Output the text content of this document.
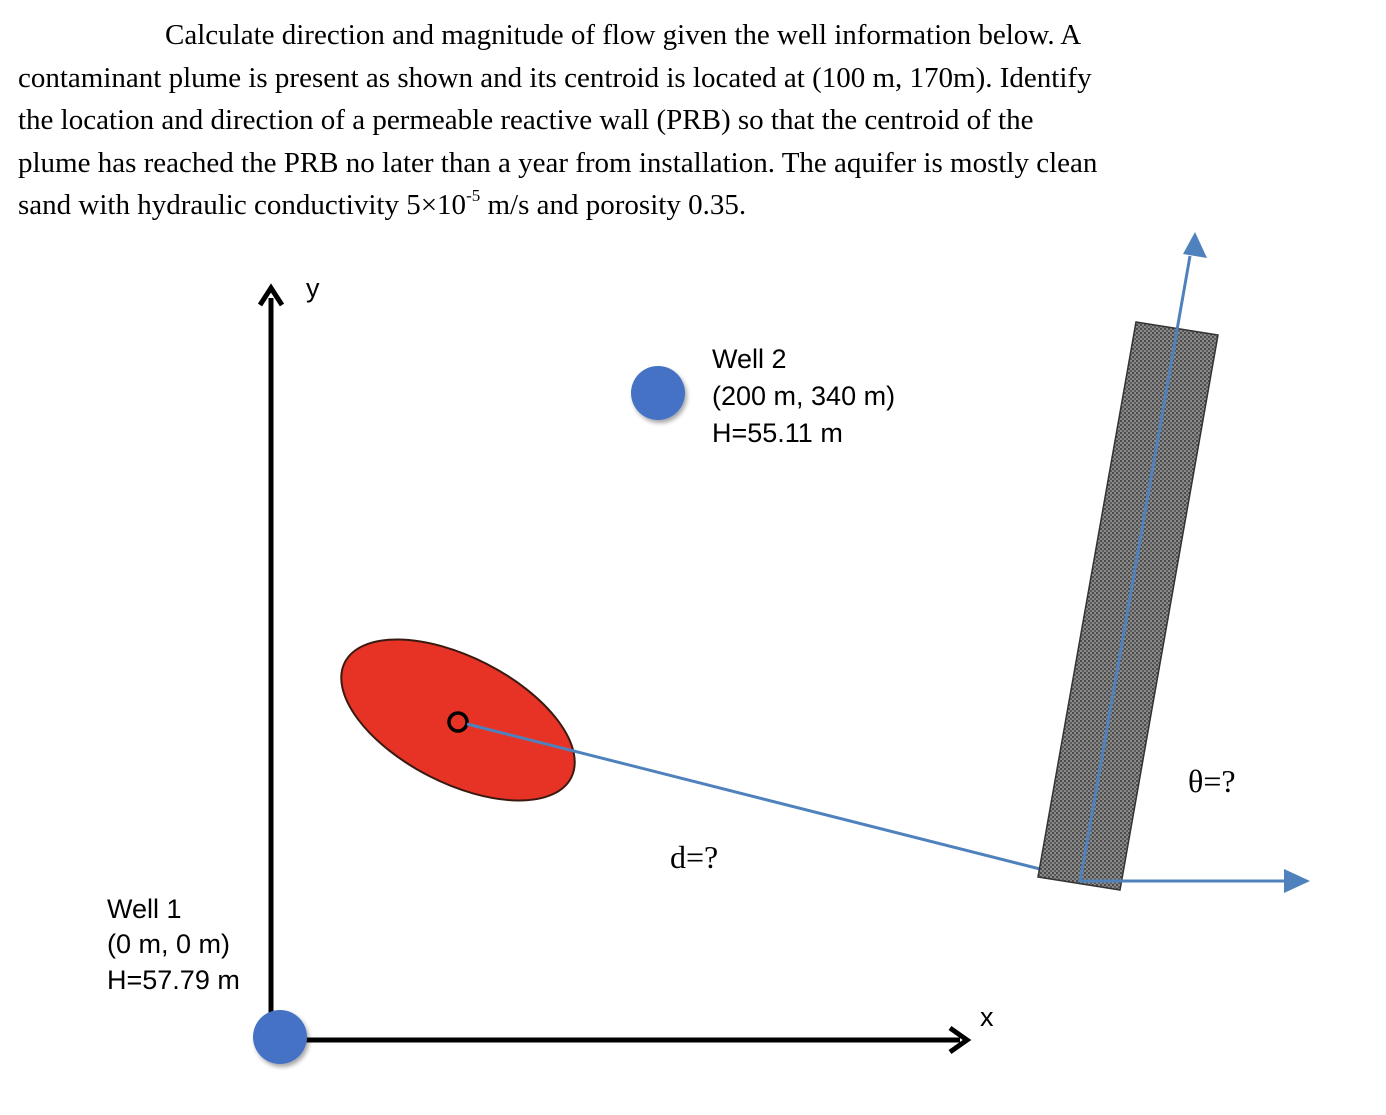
Calculate direction and magnitude of flow given the well information below. A
contaminant plume is present as shown and its centroid is located at (100 m, 170m). Identify
the location and direction of a permeable reactive wall (PRB) so that the centroid of the
plume has reached the PRB no later than a year from installation. The aquifer is mostly clean
sand with hydraulic conductivity $5\times 10^{-5}$ m/s and porosity 0.35.
y
x
Well 1
(0 m, 0 m)
H=57.79 m
Well 2
(200 m, 340 m)
H=55.11 m
d=?
θ=?
